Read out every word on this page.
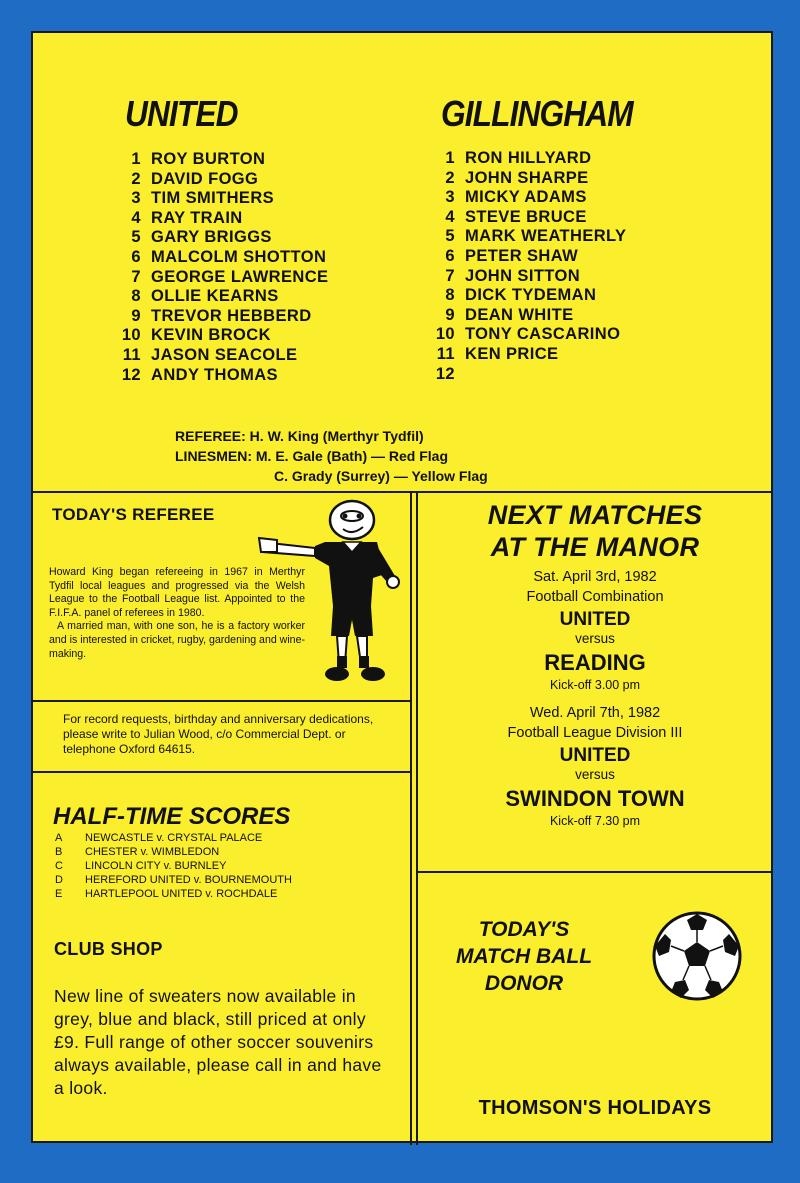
UNITED	GILLINGHAM
1 ROY BURTON
2 DAVID FOGG
3 TIM SMITHERS
4 RAY TRAIN
5 GARY BRIGGS
6 MALCOLM SHOTTON
7 GEORGE LAWRENCE
8 OLLIE KEARNS
9 TREVOR HEBBERD
10 KEVIN BROCK
11 JASON SEACOLE
12 ANDY THOMAS
1 RON HILLYARD
2 JOHN SHARPE
3 MICKY ADAMS
4 STEVE BRUCE
5 MARK WEATHERLY
6 PETER SHAW
7 JOHN SITTON
8 DICK TYDEMAN
9 DEAN WHITE
10 TONY CASCARINO
11 KEN PRICE
12
REFEREE: H. W. King (Merthyr Tydfil)
LINESMEN: M. E. Gale (Bath) — Red Flag
C. Grady (Surrey) — Yellow Flag
TODAY'S REFEREE
Howard King began refereeing in 1967 in Merthyr Tydfil local leagues and progressed via the Welsh League to the Football League list. Appointed to the F.I.F.A. panel of referees in 1980.
A married man, with one son, he is a factory worker and is interested in cricket, rugby, gardening and wine-making.
For record requests, birthday and anniversary dedications, please write to Julian Wood, c/o Commercial Dept. or telephone Oxford 64615.
HALF-TIME SCORES
A NEWCASTLE v. CRYSTAL PALACE
B CHESTER v. WIMBLEDON
C LINCOLN CITY v. BURNLEY
D HEREFORD UNITED v. BOURNEMOUTH
E HARTLEPOOL UNITED v. ROCHDALE
CLUB SHOP
New line of sweaters now available in grey, blue and black, still priced at only £9. Full range of other soccer souvenirs always available, please call in and have a look.
NEXT MATCHES
AT THE MANOR
Sat. April 3rd, 1982
Football Combination
UNITED
versus
READING
Kick-off 3.00 pm
Wed. April 7th, 1982
Football League Division III
UNITED
versus
SWINDON TOWN
Kick-off 7.30 pm
TODAY'S
MATCH BALL
DONOR
THOMSON'S HOLIDAYS
